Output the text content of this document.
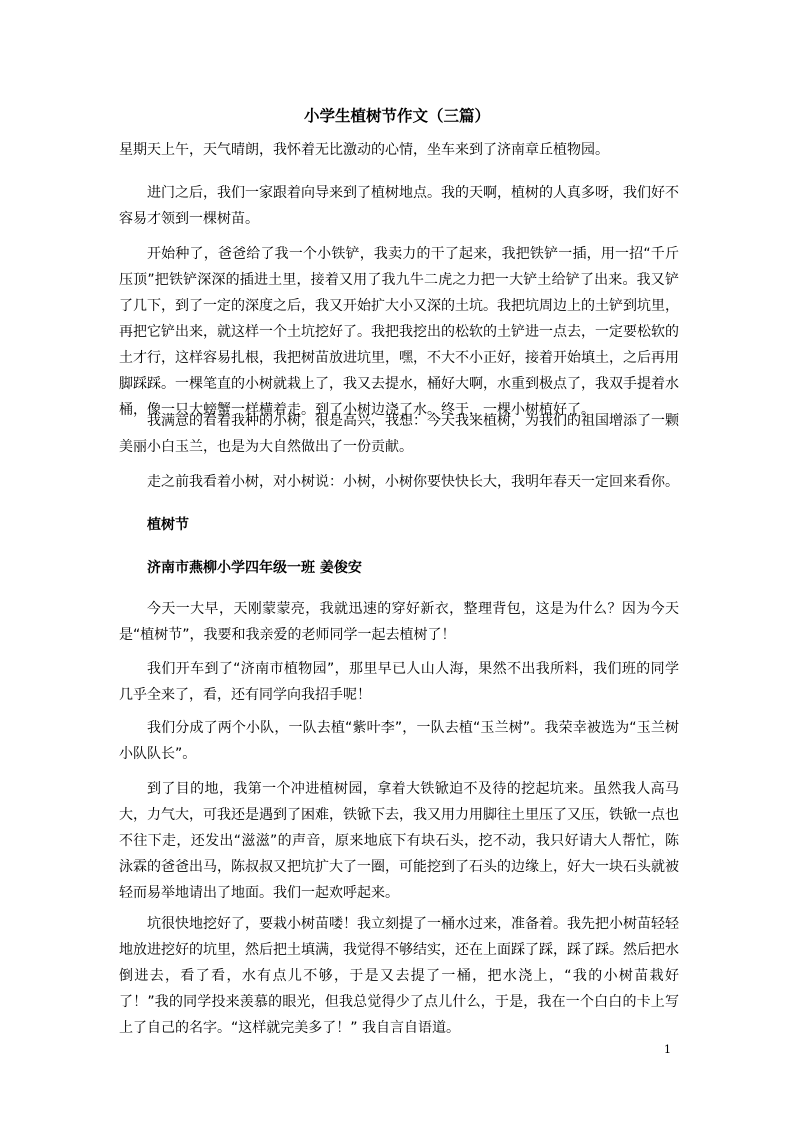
小学生植树节作文（三篇）

星期天上午，天气晴朗，我怀着无比激动的心情，坐车来到了济南章丘植物园。

进门之后，我们一家跟着向导来到了植树地点。我的天啊，植树的人真多呀，我们好不容易才领到一棵树苗。

开始种了，爸爸给了我一个小铁铲，我卖力的干了起来，我把铁铲一插，用一招“千斤压顶”把铁铲深深的插进土里，接着又用了我九牛二虎之力把一大铲土给铲了出来。我又铲了几下，到了一定的深度之后，我又开始扩大小又深的土坑。我把坑周边上的土铲到坑里，再把它铲出来，就这样一个土坑挖好了。我把我挖出的松软的土铲进一点去，一定要松软的土才行，这样容易扎根，我把树苗放进坑里，嘿，不大不小正好，接着开始填土，之后再用脚踩踩。一棵笔直的小树就栽上了，我又去提水，桶好大啊，水重到极点了，我双手提着水桶，像一只大螃蟹一样横着走。到了小树边浇了水。终于，一棵小树植好了。

我满意的看着我种的小树，很是高兴，我想：今天我来植树，为我们的祖国增添了一颗美丽小白玉兰，也是为大自然做出了一份贡献。

走之前我看着小树，对小树说：小树，小树你要快快长大，我明年春天一定回来看你。

植树节

济南市燕柳小学四年级一班 姜俊安

今天一大早，天刚蒙蒙亮，我就迅速的穿好新衣，整理背包，这是为什么？因为今天是“植树节”，我要和我亲爱的老师同学一起去植树了！

我们开车到了“济南市植物园”，那里早已人山人海，果然不出我所料，我们班的同学几乎全来了，看，还有同学向我招手呢！

我们分成了两个小队，一队去植“紫叶李”，一队去植“玉兰树”。我荣幸被选为“玉兰树小队队长”。

到了目的地，我第一个冲进植树园，拿着大铁锨迫不及待的挖起坑来。虽然我人高马大，力气大，可我还是遇到了困难，铁锨下去，我又用力用脚往土里压了又压，铁锨一点也不往下走，还发出“滋滋”的声音，原来地底下有块石头，挖不动，我只好请大人帮忙，陈泳霖的爸爸出马，陈叔叔又把坑扩大了一圈，可能挖到了石头的边缘上，好大一块石头就被轻而易举地请出了地面。我们一起欢呼起来。

坑很快地挖好了，要栽小树苗喽！我立刻提了一桶水过来，准备着。我先把小树苗轻轻地放进挖好的坑里，然后把土填满，我觉得不够结实，还在上面踩了踩，踩了踩。然后把水倒进去，看了看，水有点儿不够，于是又去提了一桶，把水浇上，“我的小树苗栽好了！”我的同学投来羡慕的眼光，但我总觉得少了点儿什么，于是，我在一个白白的卡上写上了自己的名字。“这样就完美多了！” 我自言自语道。

1
